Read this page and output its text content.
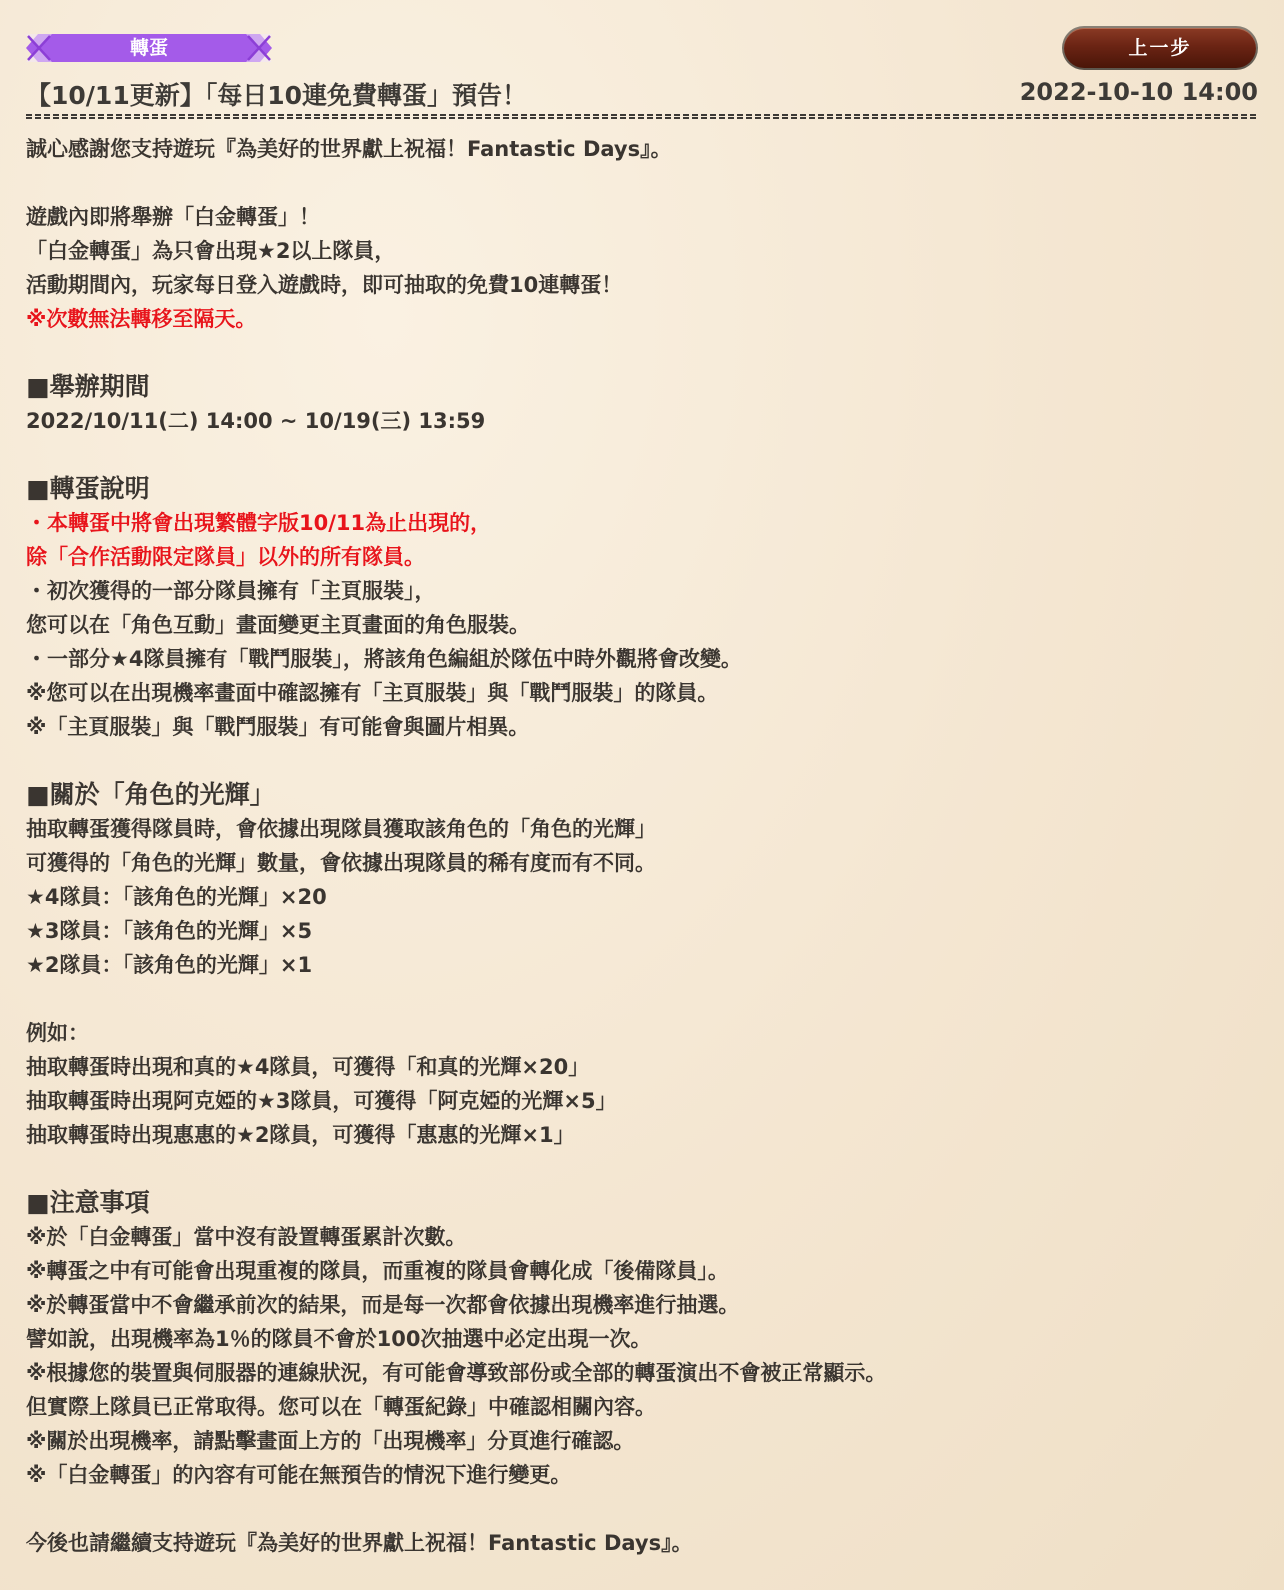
轉蛋	上一步
【10/11更新】「每日10連免費轉蛋」預告！	2022-10-10 14:00
誠心感謝您支持遊玩『為美好的世界獻上祝福！Fantastic Days』。
遊戲內即將舉辦「白金轉蛋」！
「白金轉蛋」為只會出現★2以上隊員，
活動期間內，玩家每日登入遊戲時，即可抽取的免費10連轉蛋！
※次數無法轉移至隔天。
■舉辦期間
2022/10/11(二) 14:00 ~ 10/19(三) 13:59
■轉蛋說明
・本轉蛋中將會出現繁體字版10/11為止出現的，
除「合作活動限定隊員」以外的所有隊員。
・初次獲得的一部分隊員擁有「主頁服裝」，
您可以在「角色互動」畫面變更主頁畫面的角色服裝。
・一部分★4隊員擁有「戰鬥服裝」，將該角色編組於隊伍中時外觀將會改變。
※您可以在出現機率畫面中確認擁有「主頁服裝」與「戰鬥服裝」的隊員。
※「主頁服裝」與「戰鬥服裝」有可能會與圖片相異。
■關於「角色的光輝」
抽取轉蛋獲得隊員時，會依據出現隊員獲取該角色的「角色的光輝」
可獲得的「角色的光輝」數量，會依據出現隊員的稀有度而有不同。
★4隊員：「該角色的光輝」×20
★3隊員：「該角色的光輝」×5
★2隊員：「該角色的光輝」×1
例如：
抽取轉蛋時出現和真的★4隊員，可獲得「和真的光輝×20」
抽取轉蛋時出現阿克婭的★3隊員，可獲得「阿克婭的光輝×5」
抽取轉蛋時出現惠惠的★2隊員，可獲得「惠惠的光輝×1」
■注意事項
※於「白金轉蛋」當中沒有設置轉蛋累計次數。
※轉蛋之中有可能會出現重複的隊員，而重複的隊員會轉化成「後備隊員」。
※於轉蛋當中不會繼承前次的結果，而是每一次都會依據出現機率進行抽選。
譬如說，出現機率為1％的隊員不會於100次抽選中必定出現一次。
※根據您的裝置與伺服器的連線狀況，有可能會導致部份或全部的轉蛋演出不會被正常顯示。
但實際上隊員已正常取得。您可以在「轉蛋紀錄」中確認相關內容。
※關於出現機率，請點擊畫面上方的「出現機率」分頁進行確認。
※「白金轉蛋」的內容有可能在無預告的情況下進行變更。
今後也請繼續支持遊玩『為美好的世界獻上祝福！Fantastic Days』。
